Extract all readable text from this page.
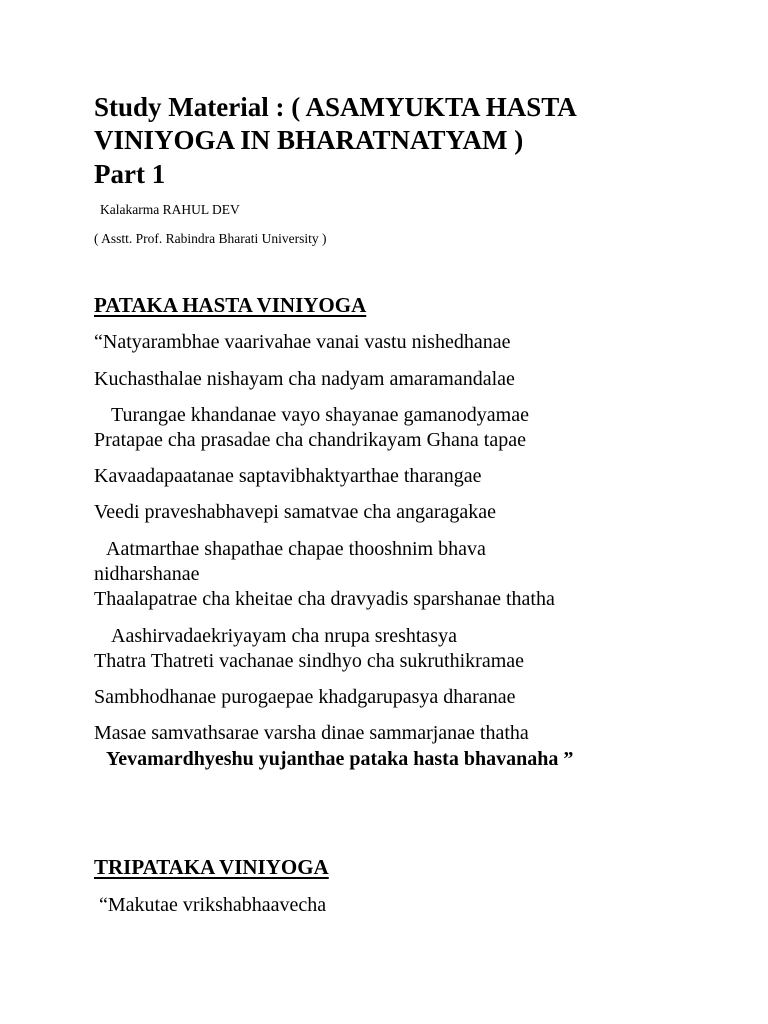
Study Material : ( ASAMYUKTA HASTA
VINIYOGA IN BHARATNATYAM )
Part 1
Kalakarma RAHUL DEV
( Asstt. Prof. Rabindra Bharati University )
PATAKA HASTA VINIYOGA
“Natyarambhae vaarivahae vanai vastu nishedhanae
Kuchasthalae nishayam cha nadyam amaramandalae
Turangae khandanae vayo shayanae gamanodyamae
Pratapae cha prasadae cha chandrikayam Ghana tapae
Kavaadapaatanae saptavibhaktyarthae tharangae
Veedi praveshabhavepi samatvae cha angaragakae
Aatmarthae shapathae chapae thooshnim bhava
nidharshanae
Thaalapatrae cha kheitae cha dravyadis sparshanae thatha
Aashirvadaekriyayam cha nrupa sreshtasya
Thatra Thatreti vachanae sindhyo cha sukruthikramae
Sambhodhanae purogaepae khadgarupasya dharanae
Masae samvathsarae varsha dinae sammarjanae thatha
Yevamardhyeshu yujanthae pataka hasta bhavanaha ”
TRIPATAKA VINIYOGA
“Makutae vrikshabhaavecha
